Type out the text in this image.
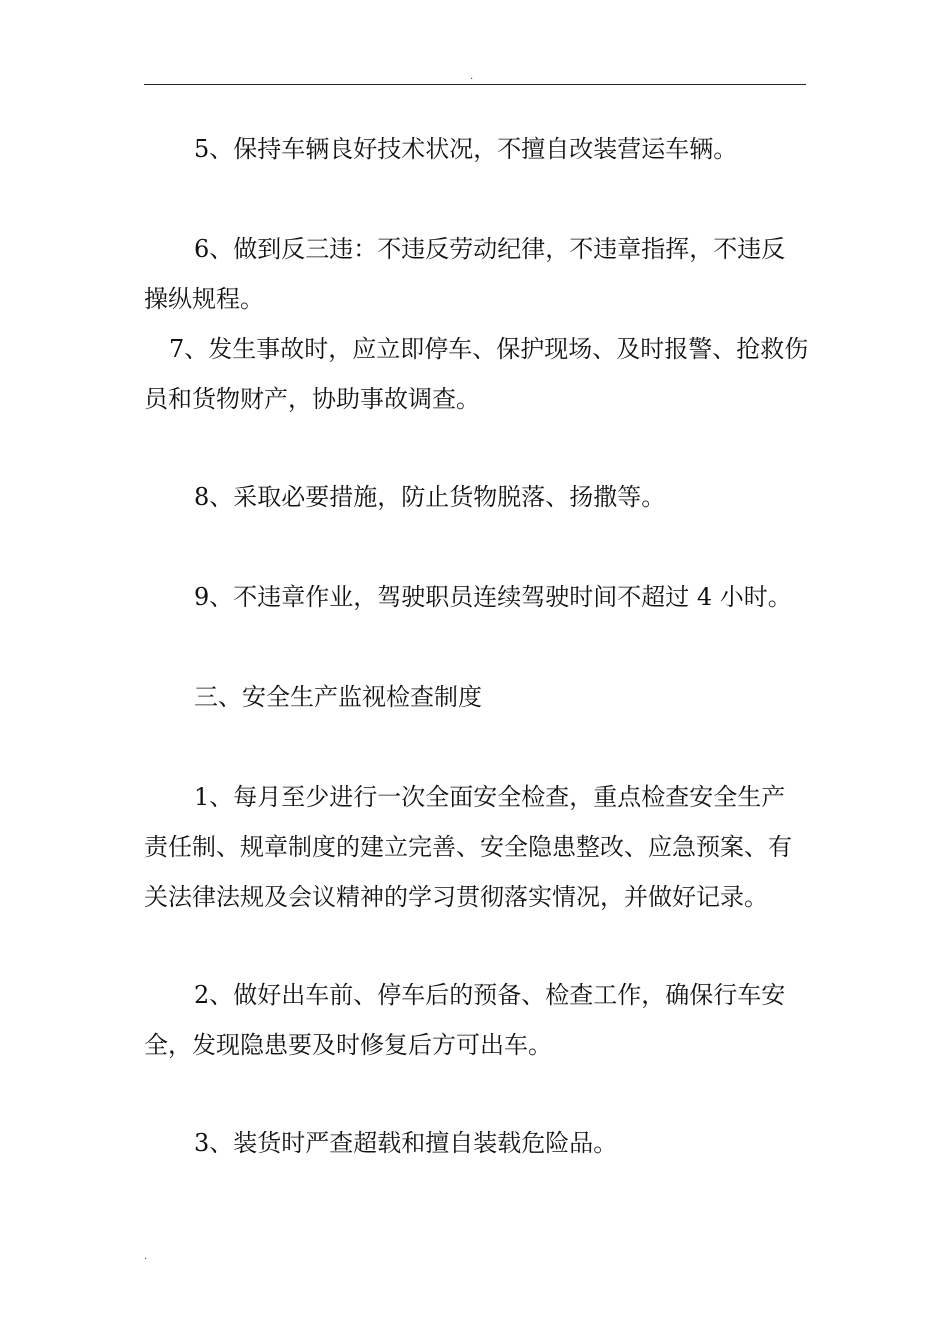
.
5、保持车辆良好技术状况，不擅自改装营运车辆。
6、做到反三违：不违反劳动纪律，不违章指挥，不违反
操纵规程。
7、发生事故时，应立即停车、保护现场、及时报警、抢救伤
员和货物财产，协助事故调查。
8、采取必要措施，防止货物脱落、扬撒等。
9、不违章作业，驾驶职员连续驾驶时间不超过 4 小时。
三、安全生产监视检查制度
1、每月至少进行一次全面安全检查，重点检查安全生产
责任制、规章制度的建立完善、安全隐患整改、应急预案、有
关法律法规及会议精神的学习贯彻落实情况，并做好记录。
2、做好出车前、停车后的预备、检查工作，确保行车安
全，发现隐患要及时修复后方可出车。
3、装货时严查超载和擅自装载危险品。
.
